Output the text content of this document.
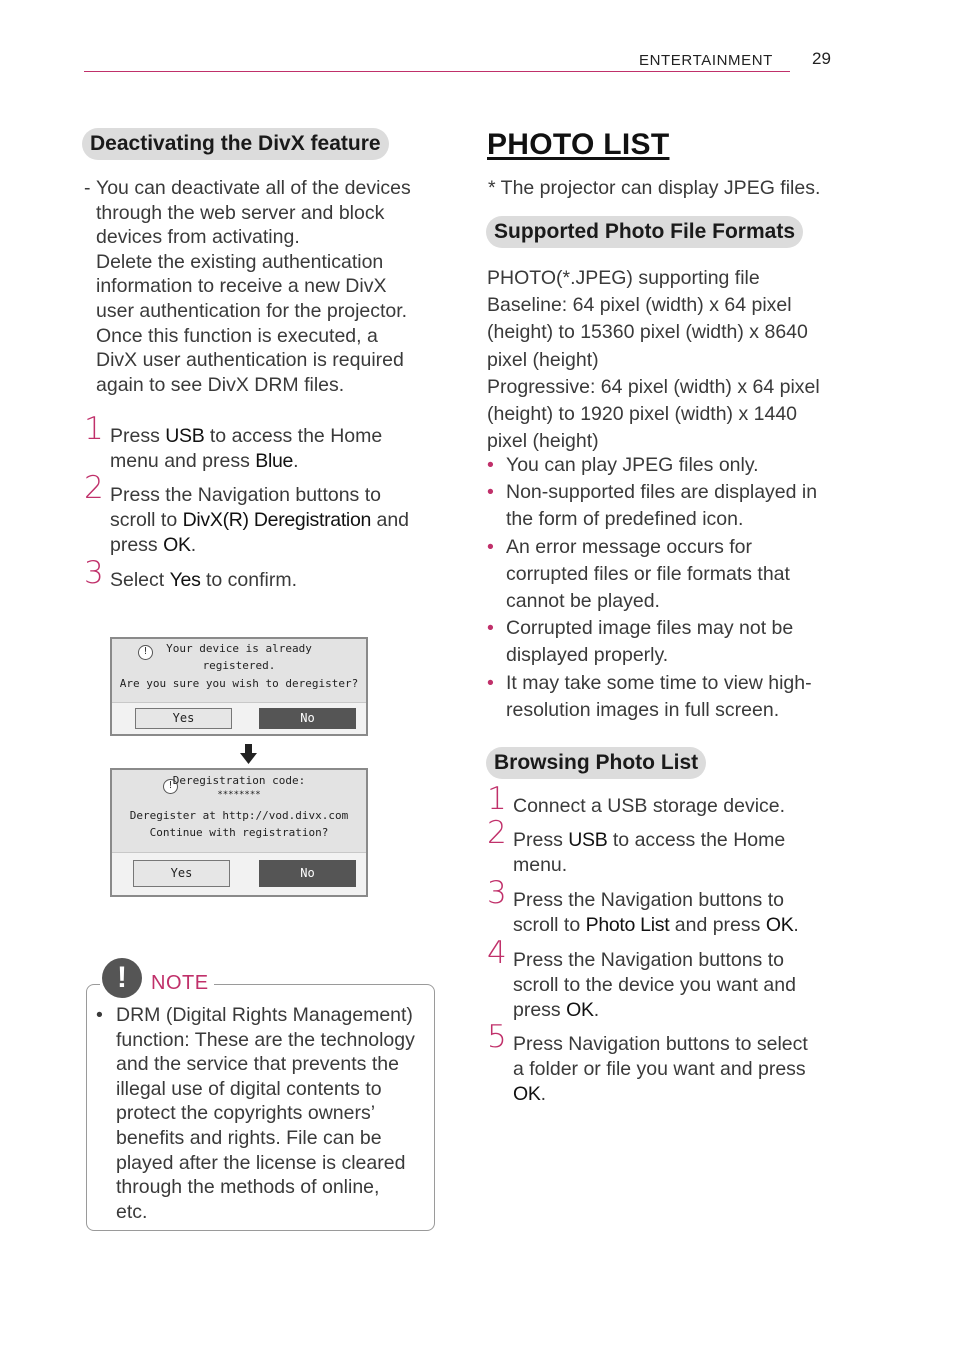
ENTERTAINMENT 29
Deactivating the DivX feature
- You can deactivate all of the devices
through the web server and block
devices from activating.
Delete the existing authentication
information to receive a new DivX
user authentication for the projector.
Once this function is executed, a
DivX user authentication is required
again to see DivX DRM files.
1 Press USB to access the Home
menu and press Blue.
2 Press the Navigation buttons to
scroll to DivX(R) Deregistration and
press OK.
3 Select Yes to confirm.
!	Your device is already
registered.
Are you sure you wish to deregister?
Yes	No
! Deregistration code:
********
Deregister at http://vod.divx.com
Continue with registration?
Yes	No
!	NOTE
• DRM (Digital Rights Management)
function: These are the technology
and the service that prevents the
illegal use of digital contents to
protect the copyrights owners’
benefits and rights. File can be
played after the license is cleared
through the methods of online,
etc.
PHOTO LIST
* The projector can display JPEG files.
Supported Photo File Formats
PHOTO(*.JPEG) supporting file
Baseline: 64 pixel (width) x 64 pixel
(height) to 15360 pixel (width) x 8640
pixel (height)
Progressive: 64 pixel (width) x 64 pixel
(height) to 1920 pixel (width) x 1440
pixel (height)
• You can play JPEG files only.
• Non-supported files are displayed in
the form of predefined icon.
• An error message occurs for
corrupted files or file formats that
cannot be played.
• Corrupted image files may not be
displayed properly.
• It may take some time to view high-
resolution images in full screen.
Browsing Photo List
1 Connect a USB storage device.
2 Press USB to access the Home
menu.
3 Press the Navigation buttons to
scroll to Photo List and press OK.
4 Press the Navigation buttons to
scroll to the device you want and
press OK.
5 Press Navigation buttons to select
a folder or file you want and press
OK.
